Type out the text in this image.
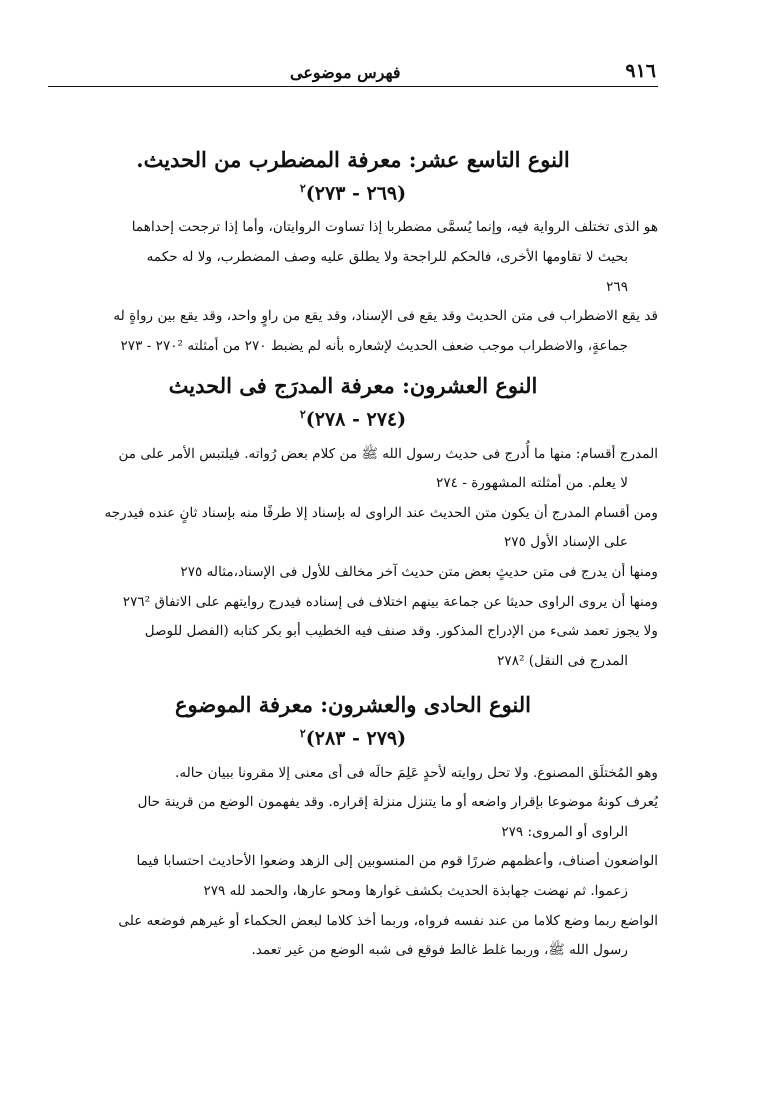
٩١٦
فهرس موضوعى
النوع التاسع عشر: معرفة المضطرب من الحديث.
(٢٦٩ - ٢٧٣)$^٢$

هو الذى تختلف الرواية فيه، وإنما يُسمَّى مضطربا إذا تساوت الروايتان، وأما إذا ترجحت إحداهما

بحيث لا تقاومها الأخرى، فالحكم للراجحة ولا يطلق عليه وصف المضطرب، ولا له حكمه

٢٦٩

قد يقع الاضطراب فى متن الحديث وقد يقع فى الإسناد، وقد يقع من راوٍ واحد، وقد يقع بين رواةٍ له

جماعةٍ، والاضطراب موجب ضعف الحديث لإشعاره بأنه لم يضبط ٢٧٠ من أمثلته ٢٧٠² - ٢٧٣

النوع العشرون: معرفة المدرَج فى الحديث
(٢٧٤ - ٢٧٨)$^٢$

المدرج أقسام: منها ما أُدرج فى حديث رسول الله ﷺ من كلام بعض رُواته. فيلتبس الأمر على من

لا يعلم. من أمثلته المشهورة - ٢٧٤

ومن أقسام المدرج أن يكون متن الحديث عند الراوى له بإسناد إلا طرفًا منه بإسناد ثانٍ عنده فيدرجه

على الإسناد الأول ٢٧٥

ومنها أن يدرج فى متن حديثٍ بعض متن حديث آخر مخالف للأول فى الإسناد،مثاله ٢٧٥

ومنها أن يروى الراوى حديثا عن جماعة بينهم اختلاف فى إسناده فيدرج روايتهم على الاتفاق ٢٧٦²

ولا يجوز تعمد شىء من الإدراج المذكور. وقد صنف فيه الخطيب أبو بكر كتابه (الفصل للوصل

المدرج فى النقل) ٢٧٨²

النوع الحادى والعشرون: معرفة الموضوع
(٢٧٩ - ٢٨٣)$^٢$

وهو المُختلَق المصنوع. ولا تحل روايته لأحدٍ عَلِمَ حالَه فى أى معنى إلا مقرونا ببيان حاله.

يُعرف كونهُ موضوعا بإقرار واضعه أو ما يتنزل منزلة إقراره. وقد يفهمون الوضع من قرينة حال

الراوى أو المروى: ٢٧٩

الواضعون أصناف، وأعظمهم ضررًا قوم من المنسوبين إلى الزهد وضعوا الأحاديث احتسابا فيما

زعموا. ثم نهضت جهابذة الحديث بكشف غوارها ومحو عارها، والحمد لله ٢٧٩

الواضع ربما وضع كلاما من عند نفسه فرواه، وربما أخذ كلاما لبعض الحكماء أو غيرهم فوضعه على

رسول الله ﷺ، وربما غلط غالط فوقع فى شبه الوضع من غير تعمد.
